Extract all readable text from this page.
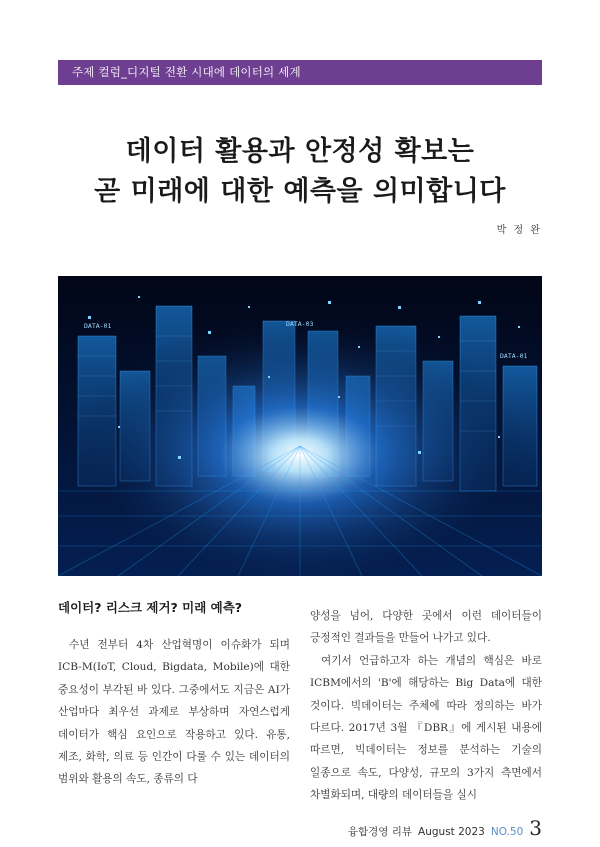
주제 컬럼_디지털 전환 시대에 데이터의 세계
데이터 활용과 안정성 확보는
곧 미래에 대한 예측을 의미합니다
박 정 완
DATA-01	DATA-03
DATA-01
데이터? 리스크 제거? 미래 예측?

수년 전부터 4차 산업혁명이 이슈화가 되며 ICB-M(IoT, Cloud, Bigdata, Mobile)에 대한 중요성이 부각된 바 있다. 그중에서도 지금은 AI가 산업마다 최우선 과제로 부상하며 자연스럽게 데이터가 핵심 요인으로 작용하고 있다. 유통, 제조, 화학, 의료 등 인간이 다룰 수 있는 데이터의 범위와 활용의 속도, 종류의 다

양성을 넘어, 다양한 곳에서 이런 데이터들이 긍정적인 결과들을 만들어 나가고 있다.

여기서 언급하고자 하는 개념의 핵심은 바로 ICBM에서의 'B'에 해당하는 Big Data에 대한 것이다. 빅데이터는 주체에 따라 정의하는 바가 다르다. 2017년 3월 『DBR』에 게시된 내용에 따르면, 빅데이터는 정보를 분석하는 기술의 일종으로 속도, 다양성, 규모의 3가지 측면에서 차별화되며, 대량의 데이터들을 실시

융합경영 리뷰 August 2023 NO.50 3
